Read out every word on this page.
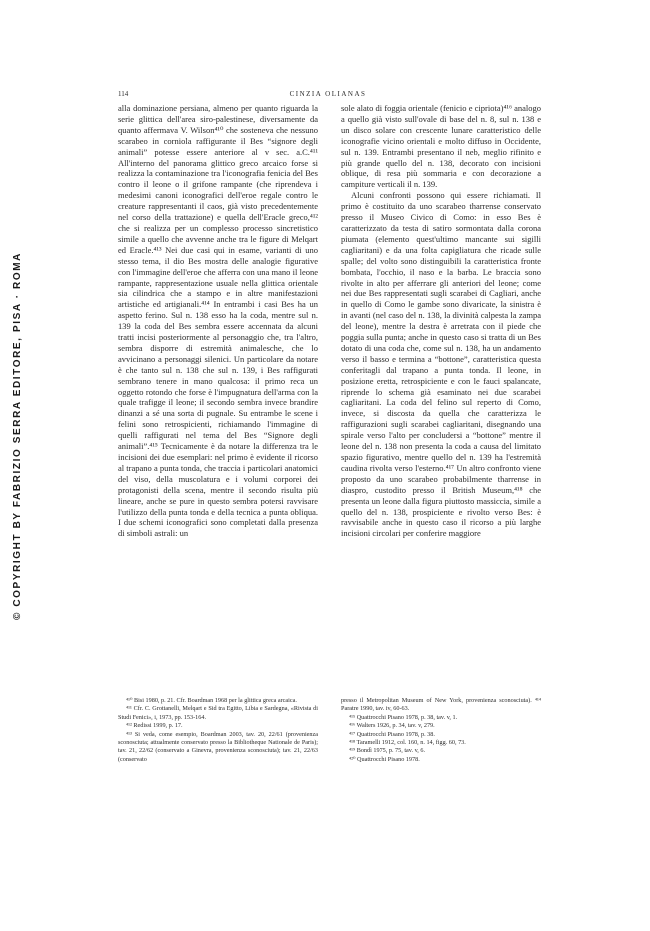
© COPYRIGHT BY FABRIZIO SERRA EDITORE, PISA · ROMA
114	CINZIA OLIANAS

alla dominazione persiana, almeno per quanto riguarda la serie glittica dell'area siro-palestinese, diversamente da quanto affermava V. Wilson⁴¹⁰ che sosteneva che nessuno scarabeo in corniola raffigurante il Bes “signore degli animali” potesse essere anteriore al v sec. a.C.⁴¹¹ All'interno del panorama glittico greco arcaico forse si realizza la contaminazione tra l'iconografia fenicia del Bes contro il leone o il grifone rampante (che riprendeva i medesimi canoni iconografici dell'eroe regale contro le creature rappresentanti il caos, già visto precedentemente nel corso della trattazione) e quella dell'Eracle greco,⁴¹² che si realizza per un complesso processo sincretistico simile a quello che avvenne anche tra le figure di Melqart ed Eracle.⁴¹³ Nei due casi qui in esame, varianti di uno stesso tema, il dio Bes mostra delle analogie figurative con l'immagine dell'eroe che afferra con una mano il leone rampante, rappresentazione usuale nella glittica orientale sia cilindrica che a stampo e in altre manifestazioni artistiche ed artigianali.⁴¹⁴ In entrambi i casi Bes ha un aspetto ferino. Sul n. 138 esso ha la coda, mentre sul n. 139 la coda del Bes sembra essere accennata da alcuni tratti incisi posteriormente al personaggio che, tra l'altro, sembra disporre di estremità animalesche, che lo avvicinano a personaggi silenici. Un particolare da notare è che tanto sul n. 138 che sul n. 139, i Bes raffigurati sembrano tenere in mano qualcosa: il primo reca un oggetto rotondo che forse è l'impugnatura dell'arma con la quale trafigge il leone; il secondo sembra invece brandire dinanzi a sé una sorta di pugnale. Su entrambe le scene i felini sono retrospicienti, richiamando l'immagine di quelli raffigurati nel tema del Bes “Signore degli animali”.⁴¹⁵ Tecnicamente è da notare la differenza tra le incisioni dei due esemplari: nel primo è evidente il ricorso al trapano a punta tonda, che traccia i particolari anatomici del viso, della muscolatura e i volumi corporei dei protagonisti della scena, mentre il secondo risulta più lineare, anche se pure in questo sembra potersi ravvisare l'utilizzo della punta tonda e della tecnica a punta obliqua. I due schemi iconografici sono completati dalla presenza di simboli astrali: un

sole alato di foggia orientale (fenicio e cipriota)⁴¹⁶ analogo a quello già visto sull'ovale di base del n. 8, sul n. 138 e un disco solare con crescente lunare caratteristico delle iconografie vicino orientali e molto diffuso in Occidente, sul n. 139. Entrambi presentano il neb, meglio rifinito e più grande quello del n. 138, decorato con incisioni oblique, di resa più sommaria e con decorazione a campiture verticali il n. 139.

Alcuni confronti possono qui essere richiamati. Il primo è costituito da uno scarabeo tharrense conservato presso il Museo Civico di Como: in esso Bes è caratterizzato da testa di satiro sormontata dalla corona piumata (elemento quest'ultimo mancante sui sigilli cagliaritani) e da una folta capigliatura che ricade sulle spalle; del volto sono distinguibili la caratteristica fronte bombata, l'occhio, il naso e la barba. Le braccia sono rivolte in alto per afferrare gli anteriori del leone; come nei due Bes rappresentati sugli scarabei di Cagliari, anche in quello di Como le gambe sono divaricate, la sinistra è in avanti (nel caso del n. 138, la divinità calpesta la zampa del leone), mentre la destra è arretrata con il piede che poggia sulla punta; anche in questo caso si tratta di un Bes dotato di una coda che, come sul n. 138, ha un andamento verso il basso e termina a “bottone”, caratteristica questa conferitagli dal trapano a punta tonda. Il leone, in posizione eretta, retrospiciente e con le fauci spalancate, riprende lo schema già esaminato nei due scarabei cagliaritani. La coda del felino sul reperto di Como, invece, si discosta da quella che caratterizza le raffigurazioni sugli scarabei cagliaritani, disegnando una spirale verso l'alto per concludersi a “bottone” mentre il leone del n. 138 non presenta la coda a causa del limitato spazio figurativo, mentre quello del n. 139 ha l'estremità caudina rivolta verso l'esterno.⁴¹⁷ Un altro confronto viene proposto da uno scarabeo probabilmente tharrense in diaspro, custodito presso il British Museum,⁴¹⁸ che presenta un leone dalla figura piuttosto massiccia, simile a quello del n. 138, prospiciente e rivolto verso Bes: è ravvisabile anche in questo caso il ricorso a più larghe incisioni circolari per conferire maggiore

⁴¹⁰ Bisi 1980, p. 21. Cfr. Boardman 1968 per la glittica greca arcaica.

⁴¹¹ Cfr. C. Grottanelli, Melqart e Sid tra Egitto, Libia e Sardegna, «Rivista di Studi Fenici», i, 1973, pp. 153-164.

⁴¹² Redissi 1999, p. 17.

⁴¹³ Si veda, come esempio, Boardman 2003, tav. 20, 22/61 (provenienza sconosciuta; attualmente conservato presso la Bibliotheque Nationale de Paris); tav. 21, 22/62 (conservato a Ginevra, provenienza sconosciuta); tav. 21, 22/63 (conservato

presso il Metropolitan Museum of New York, provenienza sconosciuta). ⁴¹⁴ Paratre 1990, tav. iv, 60-63.

⁴¹⁵ Quattrocchi Pisano 1978, p. 38, tav. v, 1.

⁴¹⁶ Walters 1926, p. 34, tav. v, 279.

⁴¹⁷ Quattrocchi Pisano 1978, p. 38.

⁴¹⁸ Taramelli 1912, col. 160, n. 14, figg. 60, 73.

⁴¹⁹ Bondì 1975, p. 75, tav. v, 6.

⁴²⁰ Quattrocchi Pisano 1978.
